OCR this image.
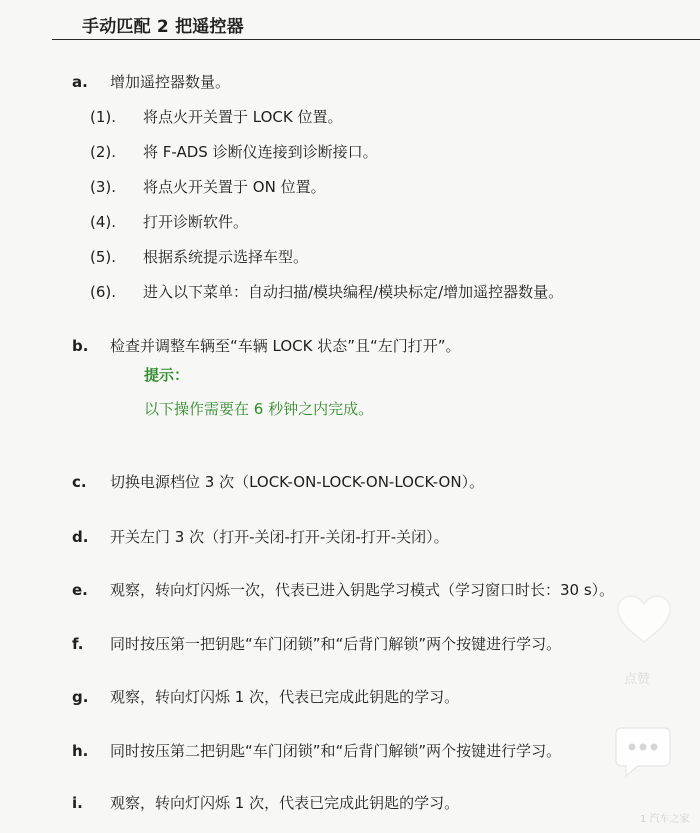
手动匹配 2 把遥控器
a. 增加遥控器数量。
(1). 将点火开关置于 LOCK 位置。
(2). 将 F-ADS 诊断仪连接到诊断接口。
(3). 将点火开关置于 ON 位置。
(4). 打开诊断软件。
(5). 根据系统提示选择车型。
(6). 进入以下菜单：自动扫描/模块编程/模块标定/增加遥控器数量。
b. 检查并调整车辆至“车辆 LOCK 状态”且“左门打开”。
提示：
以下操作需要在 6 秒钟之内完成。
c. 切换电源档位 3 次（LOCK-ON-LOCK-ON-LOCK-ON）。
d. 开关左门 3 次（打开-关闭-打开-关闭-打开-关闭）。
e. 观察，转向灯闪烁一次，代表已进入钥匙学习模式（学习窗口时长：30 s）。
f. 同时按压第一把钥匙“车门闭锁”和“后背门解锁”两个按键进行学习。
g. 观察，转向灯闪烁 1 次，代表已完成此钥匙的学习。
h. 同时按压第二把钥匙“车门闭锁”和“后背门解锁”两个按键进行学习。
i. 观察，转向灯闪烁 1 次，代表已完成此钥匙的学习。
点赞
1 汽车之家
